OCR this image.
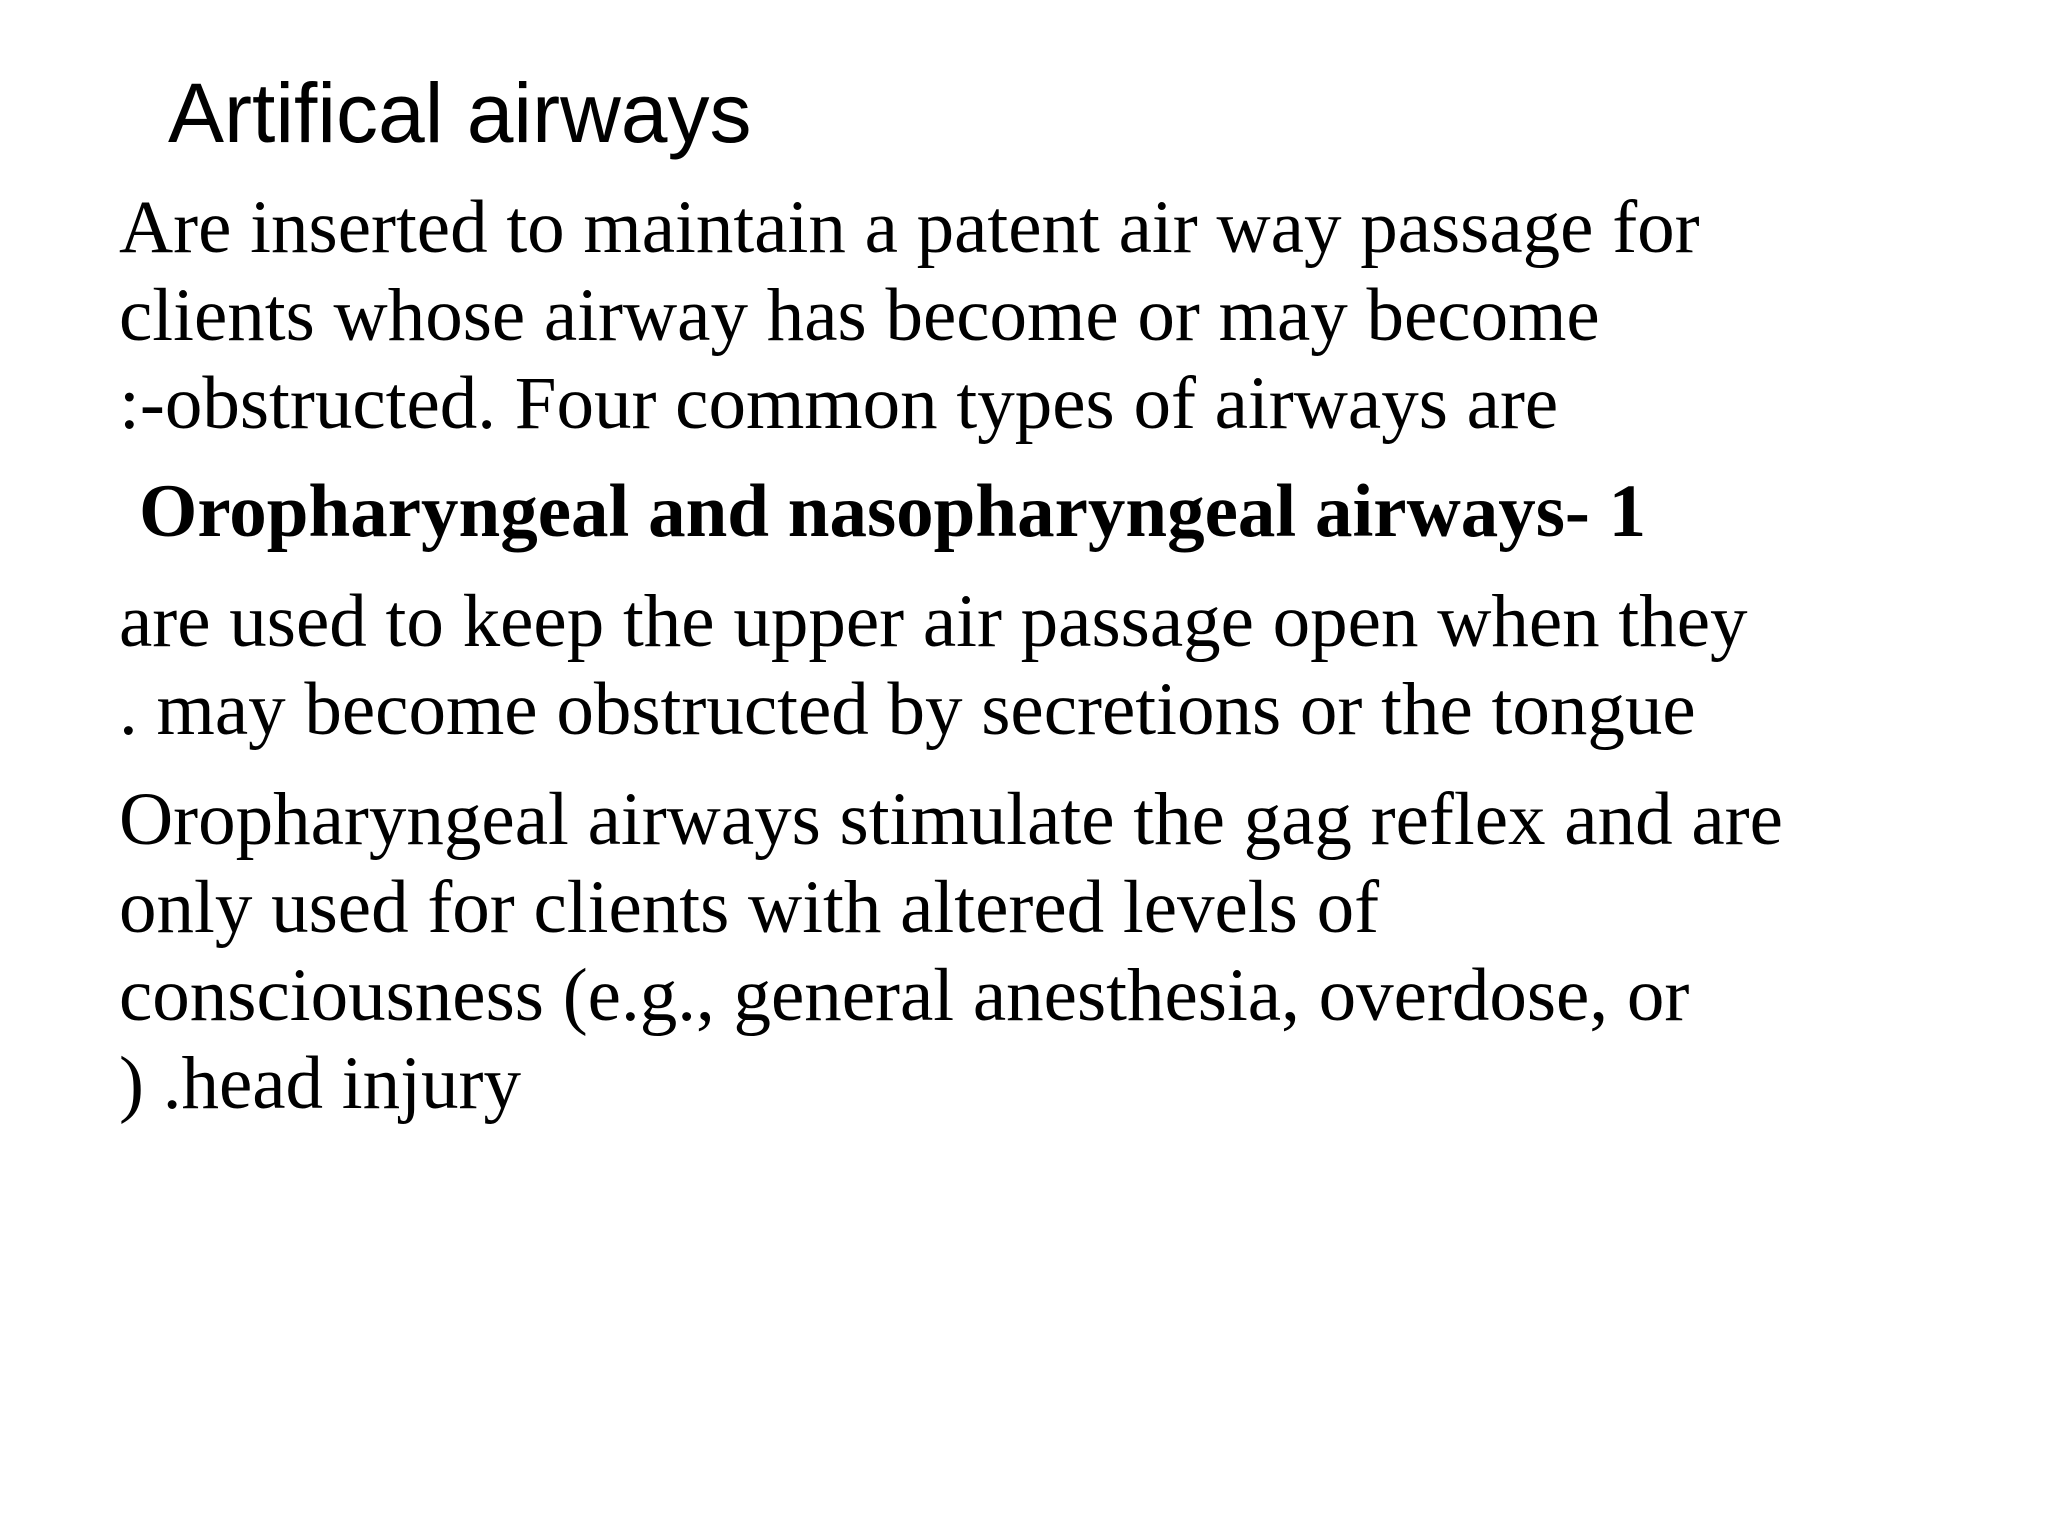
Artifical airways

Are inserted to maintain a patent air way passage for

clients whose airway has become or may become

:-obstructed. Four common types of airways are

Oropharyngeal and nasopharyngeal airways- 1

are used to keep the upper air passage open when they

. may become obstructed by secretions or the tongue

Oropharyngeal airways stimulate the gag reflex and are

only used for clients with altered levels of

consciousness (e.g., general anesthesia, overdose, or

) .head injury
